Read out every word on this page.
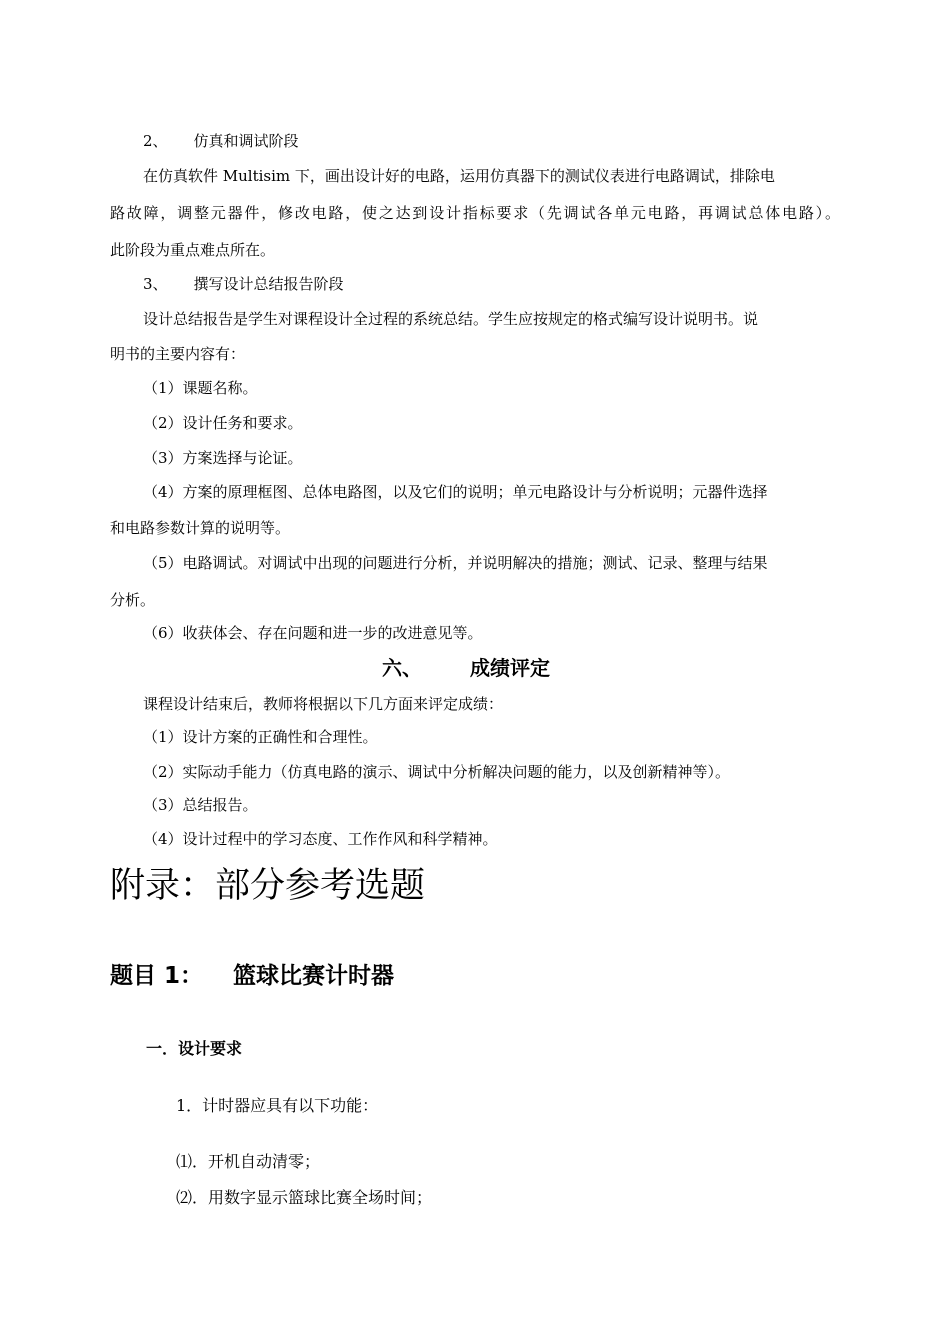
2、 仿真和调试阶段
在仿真软件 Multisim 下，画出设计好的电路，运用仿真器下的测试仪表进行电路调试，排除电
路故障，调整元器件，修改电路，使之达到设计指标要求（先调试各单元电路，再调试总体电路）。
此阶段为重点难点所在。
3、 撰写设计总结报告阶段
设计总结报告是学生对课程设计全过程的系统总结。学生应按规定的格式编写设计说明书。说
明书的主要内容有：
（1）课题名称。
（2）设计任务和要求。
（3）方案选择与论证。
（4）方案的原理框图、总体电路图，以及它们的说明；单元电路设计与分析说明；元器件选择
和电路参数计算的说明等。
（5）电路调试。对调试中出现的问题进行分析，并说明解决的措施；测试、记录、整理与结果
分析。
（6）收获体会、存在问题和进一步的改进意见等。
六、 成绩评定
课程设计结束后，教师将根据以下几方面来评定成绩：
（1）设计方案的正确性和合理性。
（2）实际动手能力（仿真电路的演示、调试中分析解决问题的能力，以及创新精神等）。
（3）总结报告。
（4）设计过程中的学习态度、工作作风和科学精神。
附录：部分参考选题
题目 1： 篮球比赛计时器
一．设计要求
1．计时器应具有以下功能：
⑴．开机自动清零；
⑵．用数字显示篮球比赛全场时间；
